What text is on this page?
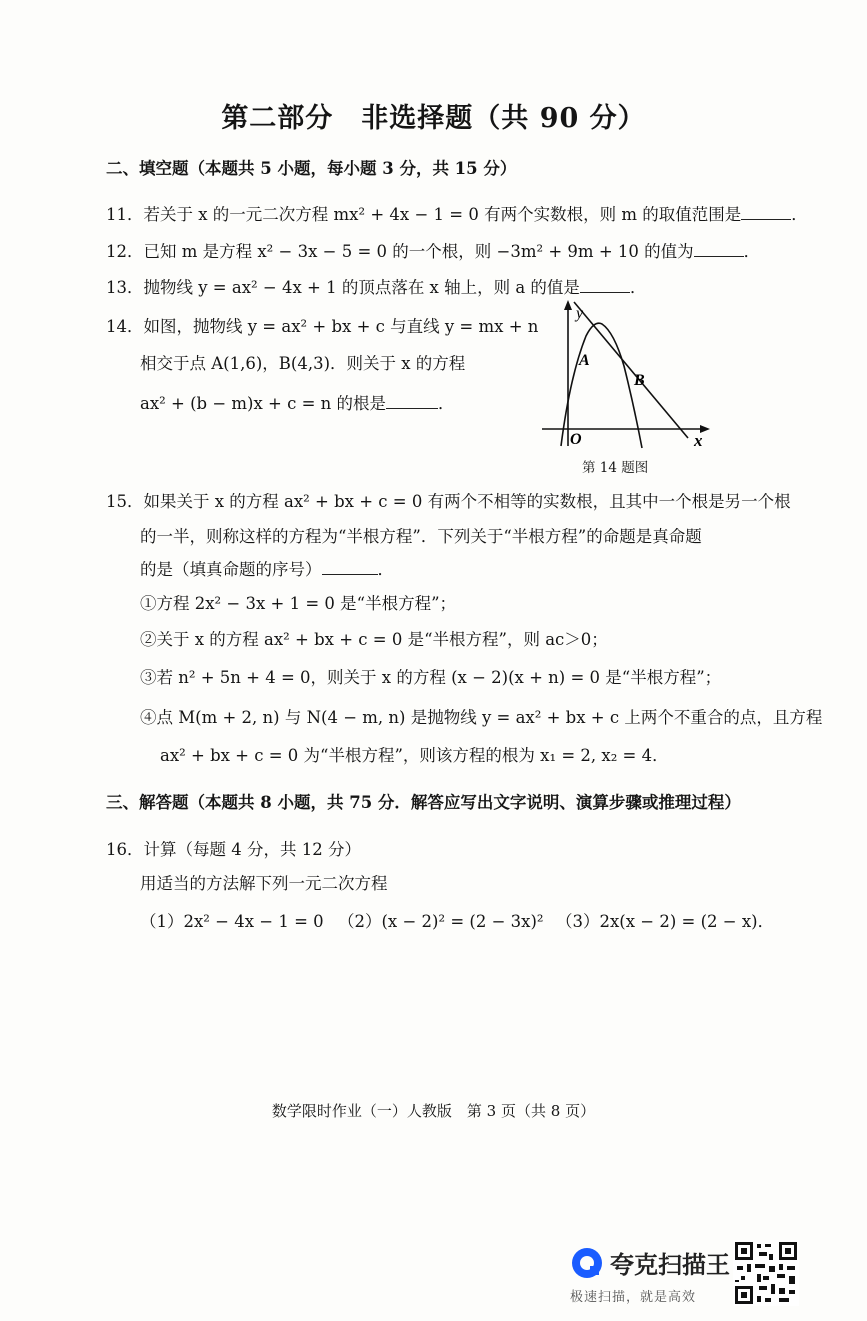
第二部分　非选择题（共 90 分）
二、填空题（本题共 5 小题，每小题 3 分，共 15 分）
11．若关于 x 的一元二次方程 mx² + 4x − 1 = 0 有两个实数根，则 m 的取值范围是	．
12．已知 m 是方程 x² − 3x − 5 = 0 的一个根，则 −3m² + 9m + 10 的值为	．
13．抛物线 y = ax² − 4x + 1 的顶点落在 x 轴上，则 a 的值是	．
14．如图，抛物线 y = ax² + bx + c 与直线 y = mx + n
相交于点 A(1,6)，B(4,3)．则关于 x 的方程
ax² + (b − m)x + c = n 的根是	．
y
x
O
A
B
第 14 题图
15．如果关于 x 的方程 ax² + bx + c = 0 有两个不相等的实数根，且其中一个根是另一个根
的一半，则称这样的方程为“半根方程”．下列关于“半根方程”的命题是真命题
的是（填真命题的序号）	．
①方程 2x² − 3x + 1 = 0 是“半根方程”；
②关于 x 的方程 ax² + bx + c = 0 是“半根方程”，则 ac＞0；
③若 n² + 5n + 4 = 0，则关于 x 的方程 (x − 2)(x + n) = 0 是“半根方程”；
④点 M(m + 2, n) 与 N(4 − m, n) 是抛物线 y = ax² + bx + c 上两个不重合的点，且方程
ax² + bx + c = 0 为“半根方程”，则该方程的根为 x₁ = 2, x₂ = 4．
三、解答题（本题共 8 小题，共 75 分．解答应写出文字说明、演算步骤或推理过程）
16．计算（每题 4 分，共 12 分）
用适当的方法解下列一元二次方程
（1）2x² − 4x − 1 = 0 （2）(x − 2)² = (2 − 3x)² （3）2x(x − 2) = (2 − x)．
数学限时作业（一）人教版　第 3 页（共 8 页）
夸克扫描王
极速扫描，就是高效
